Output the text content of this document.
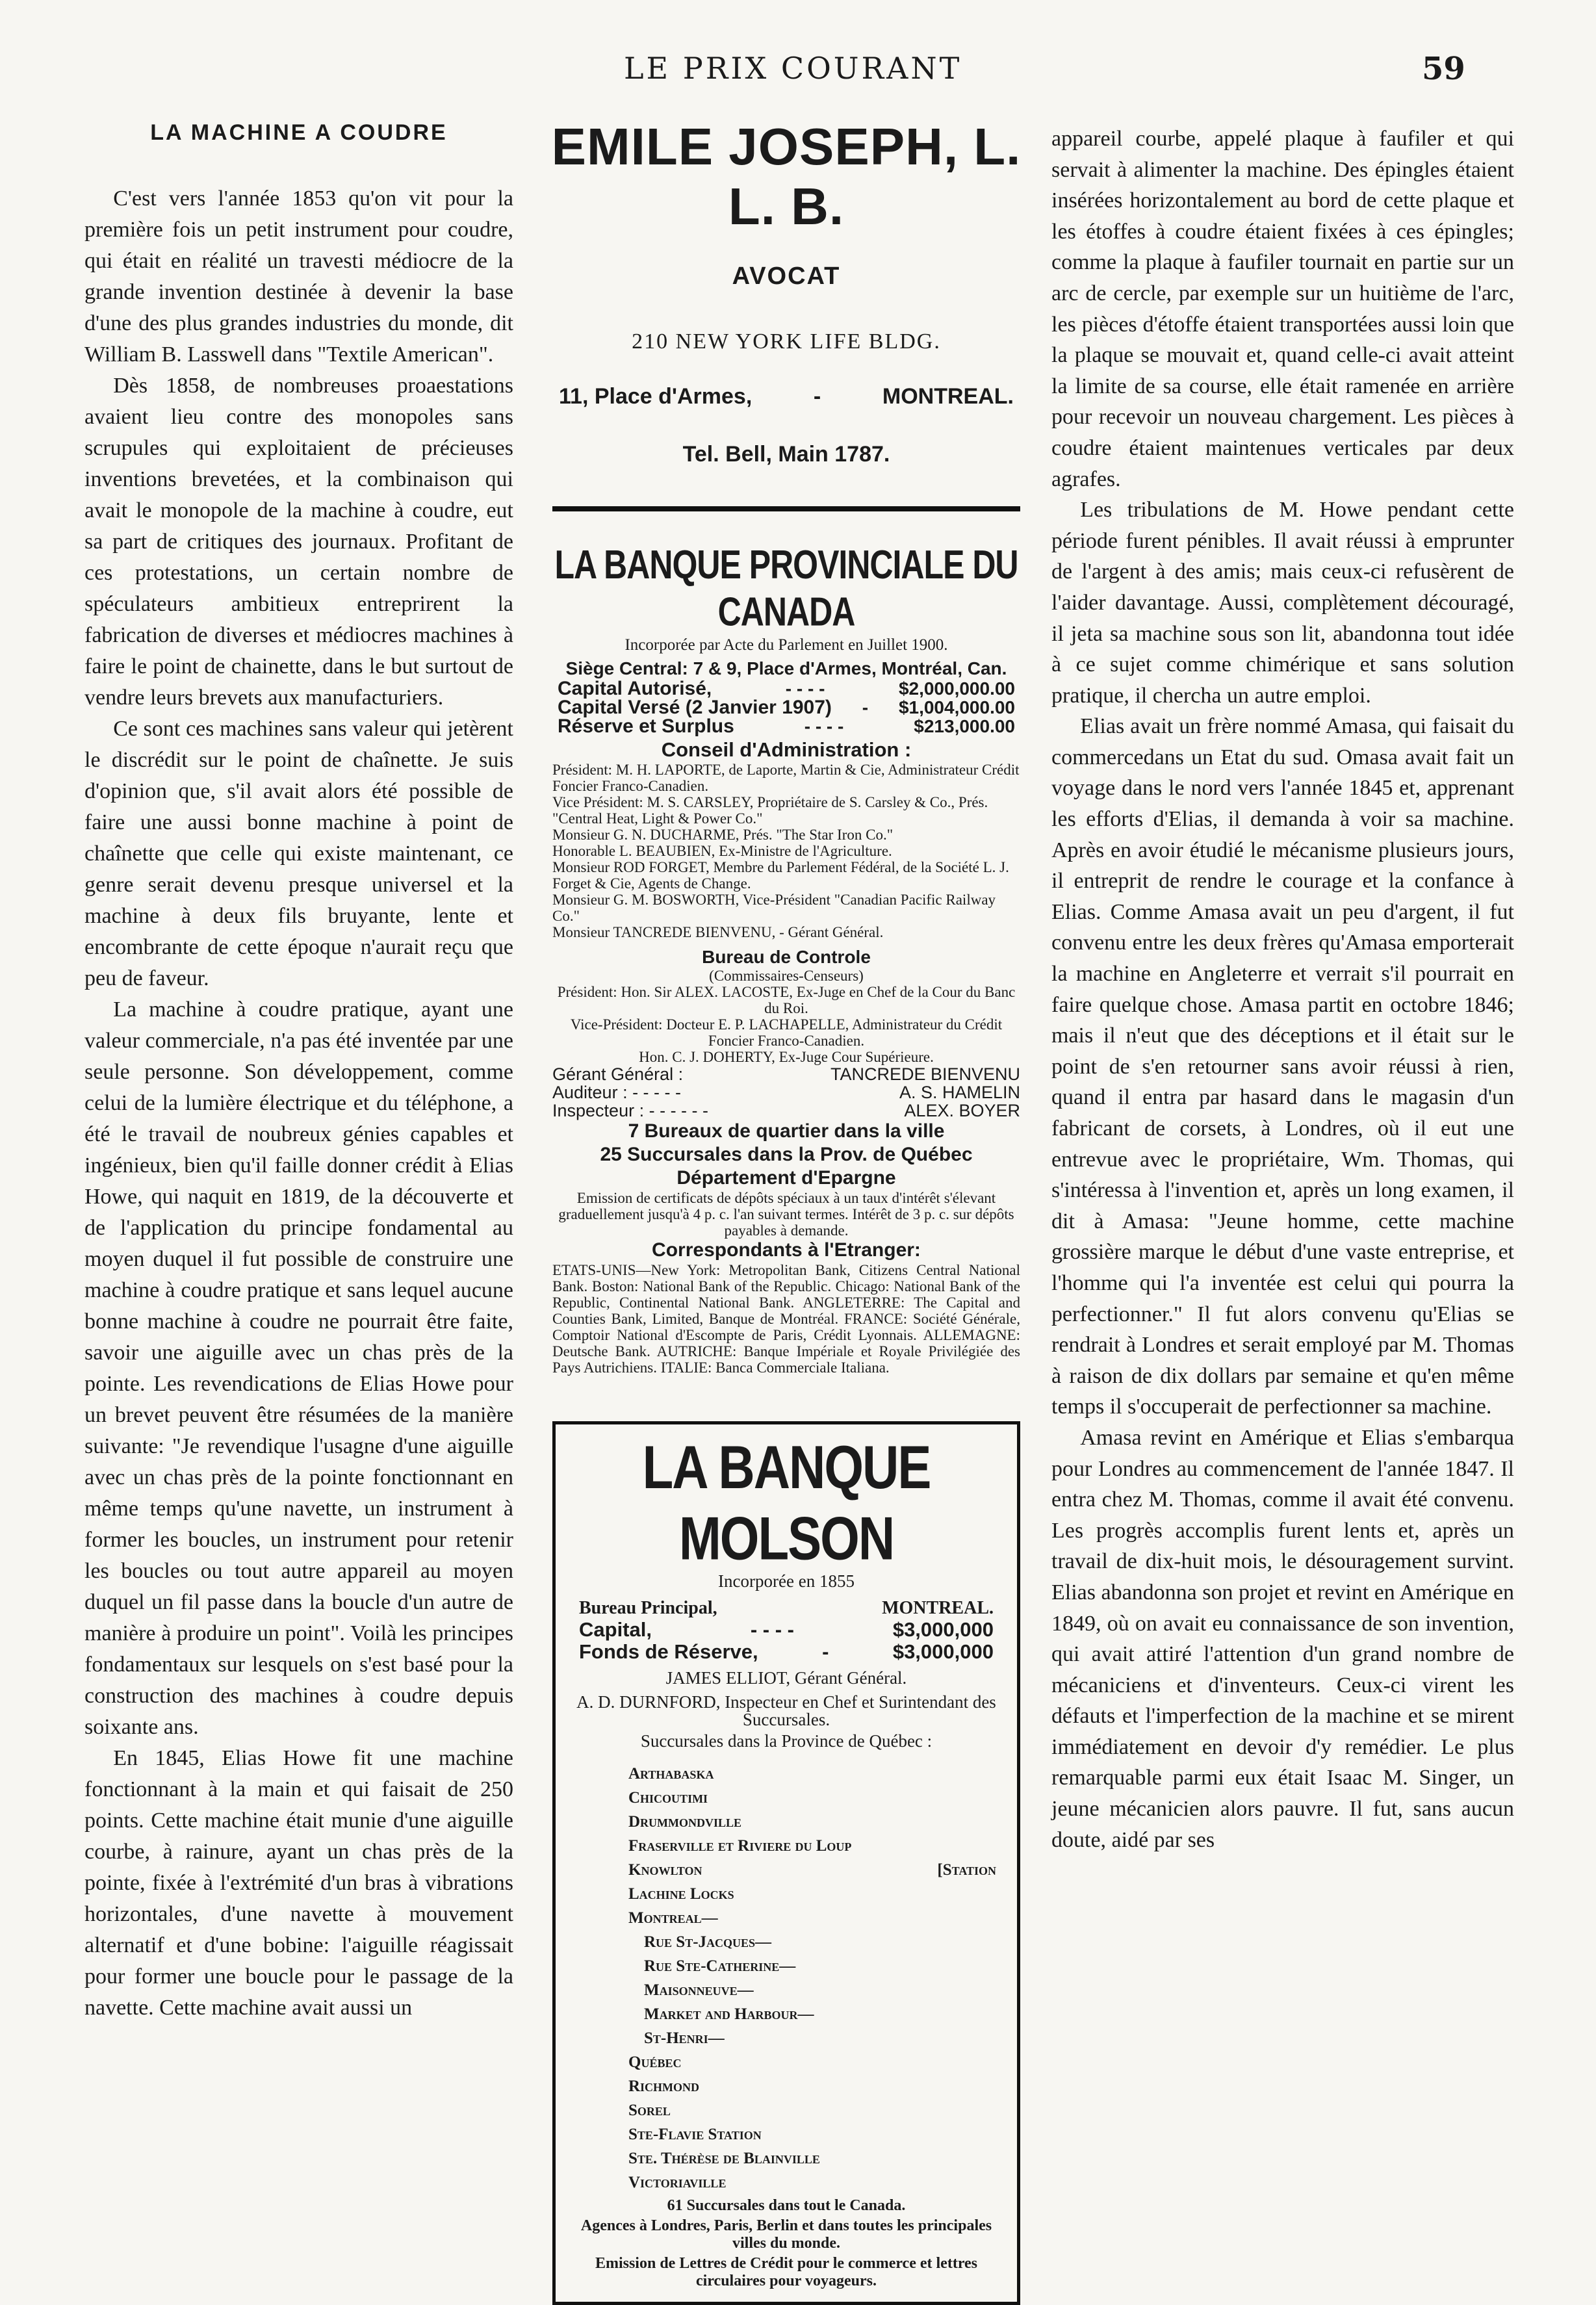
LE PRIX COURANT	59
LA MACHINE A COUDRE

C'est vers l'année 1853 qu'on vit pour la première fois un petit instrument pour coudre, qui était en réalité un travesti médiocre de la grande invention destinée à devenir la base d'une des plus grandes industries du monde, dit William B. Lasswell dans "Textile American".

Dès 1858, de nombreuses proaestations avaient lieu contre des monopoles sans scrupules qui exploitaient de précieuses inventions brevetées, et la combinaison qui avait le monopole de la machine à coudre, eut sa part de critiques des journaux. Profitant de ces protestations, un certain nombre de spéculateurs ambitieux entreprirent la fabrication de diverses et médiocres machines à faire le point de chainette, dans le but surtout de vendre leurs brevets aux manufacturiers.

Ce sont ces machines sans valeur qui jetèrent le discrédit sur le point de chaînette. Je suis d'opinion que, s'il avait alors été possible de faire une aussi bonne machine à point de chaînette que celle qui existe maintenant, ce genre serait devenu presque universel et la machine à deux fils bruyante, lente et encombrante de cette époque n'aurait reçu que peu de faveur.

La machine à coudre pratique, ayant une valeur commerciale, n'a pas été inventée par une seule personne. Son développement, comme celui de la lumière électrique et du téléphone, a été le travail de noubreux génies capables et ingénieux, bien qu'il faille donner crédit à Elias Howe, qui naquit en 1819, de la découverte et de l'application du principe fondamental au moyen duquel il fut possible de construire une machine à coudre pratique et sans lequel aucune bonne machine à coudre ne pourrait être faite, savoir une aiguille avec un chas près de la pointe. Les revendications de Elias Howe pour un brevet peuvent être résumées de la manière suivante: "Je revendique l'usagne d'une aiguille avec un chas près de la pointe fonctionnant en même temps qu'une navette, un instrument à former les boucles, un instrument pour retenir les boucles ou tout autre appareil au moyen duquel un fil passe dans la boucle d'un autre de manière à produire un point". Voilà les principes fondamentaux sur lesquels on s'est basé pour la construction des machines à coudre depuis soixante ans.

En 1845, Elias Howe fit une machine fonctionnant à la main et qui faisait de 250 points. Cette machine était munie d'une aiguille courbe, à rainure, ayant un chas près de la pointe, fixée à l'extrémité d'un bras à vibrations horizontales, d'une navette à mouvement alternatif et d'une bobine: l'aiguille réagissait pour former une boucle pour le passage de la navette. Cette machine avait aussi un

EMILE JOSEPH, L. L. B.
AVOCAT
210 NEW YORK LIFE BLDG.
11, Place d'Armes,	-	MONTREAL.
Tel. Bell, Main 1787.
LA BANQUE PROVINCIALE DU CANADA
Incorporée par Acte du Parlement en Juillet 1900.
Siège Central: 7 & 9, Place d'Armes, Montréal, Can.
Capital Autorisé,	- - - -	$2,000,000.00
Capital Versé (2 Janvier 1907) - $1,004,000.00
Réserve et Surplus	- - - -	$213,000.00
Conseil d'Administration :
Président: M. H. LAPORTE, de Laporte, Martin & Cie, Administrateur Crédit Foncier Franco-Canadien.
Vice Président: M. S. CARSLEY, Propriétaire de S. Carsley & Co., Prés. "Central Heat, Light & Power Co."
Monsieur G. N. DUCHARME, Prés. "The Star Iron Co."
Honorable L. BEAUBIEN, Ex-Ministre de l'Agriculture.
Monsieur ROD FORGET, Membre du Parlement Fédéral, de la Société L. J. Forget & Cie, Agents de Change.
Monsieur G. M. BOSWORTH, Vice-Président "Canadian Pacific Railway Co."
Monsieur TANCREDE BIENVENU, - Gérant Général.
Bureau de Controle
(Commissaires-Censeurs)
Président: Hon. Sir ALEX. LACOSTE, Ex-Juge en Chef de la Cour du Banc du Roi.
Vice-Président: Docteur E. P. LACHAPELLE, Administrateur du Crédit Foncier Franco-Canadien.
Hon. C. J. DOHERTY, Ex-Juge Cour Supérieure.
Gérant Général :	TANCREDE BIENVENU
Auditeur : - - - - -	A. S. HAMELIN
Inspecteur : - - - - - -	ALEX. BOYER
7 Bureaux de quartier dans la ville
25 Succursales dans la Prov. de Québec
Département d'Epargne
Emission de certificats de dépôts spéciaux à un taux d'intérêt s'élevant graduellement jusqu'à 4 p. c. l'an suivant termes. Intérêt de 3 p. c. sur dépôts payables à demande.
Correspondants à l'Etranger:
ETATS-UNIS—New York: Metropolitan Bank, Citizens Central National Bank. Boston: National Bank of the Republic. Chicago: National Bank of the Republic, Continental National Bank. ANGLETERRE: The Capital and Counties Bank, Limited, Banque de Montréal. FRANCE: Société Générale, Comptoir National d'Escompte de Paris, Crédit Lyonnais. ALLEMAGNE: Deutsche Bank. AUTRICHE: Banque Impériale et Royale Privilégiée des Pays Autrichiens. ITALIE: Banca Commerciale Italiana.
LA BANQUE MOLSON
Incorporée en 1855
Bureau Principal,	MONTREAL.
Capital,	- - - -	$3,000,000
Fonds de Réserve,	-	$3,000,000
JAMES ELLIOT, Gérant Général.
A. D. DURNFORD, Inspecteur en Chef et Surintendant des Succursales.
Succursales dans la Province de Québec :
Arthabaska
Chicoutimi
Drummondville
Fraserville et Riviere du Loup
Knowlton	[Station
Lachine Locks
Montreal—
Rue St-Jacques—
Rue Ste-Catherine—
Maisonneuve—
Market and Harbour—
St-Henri—
Québec
Richmond
Sorel
Ste-Flavie Station
Ste. Thérèse de Blainville
Victoriaville
61 Succursales dans tout le Canada.
Agences à Londres, Paris, Berlin et dans toutes les principales villes du monde.
Emission de Lettres de Crédit pour le commerce et lettres circulaires pour voyageurs.

appareil courbe, appelé plaque à faufiler et qui servait à alimenter la machine. Des épingles étaient insérées horizontalement au bord de cette plaque et les étoffes à coudre étaient fixées à ces épingles; comme la plaque à faufiler tournait en partie sur un arc de cercle, par exemple sur un huitième de l'arc, les pièces d'étoffe étaient transportées aussi loin que la plaque se mouvait et, quand celle-ci avait atteint la limite de sa course, elle était ramenée en arrière pour recevoir un nouveau chargement. Les pièces à coudre étaient maintenues verticales par deux agrafes.

Les tribulations de M. Howe pendant cette période furent pénibles. Il avait réussi à emprunter de l'argent à des amis; mais ceux-ci refusèrent de l'aider davantage. Aussi, complètement découragé, il jeta sa machine sous son lit, abandonna tout idée à ce sujet comme chimérique et sans solution pratique, il chercha un autre emploi.

Elias avait un frère nommé Amasa, qui faisait du commercedans un Etat du sud. Omasa avait fait un voyage dans le nord vers l'année 1845 et, apprenant les efforts d'Elias, il demanda à voir sa machine. Après en avoir étudié le mécanisme plusieurs jours, il entreprit de rendre le courage et la confance à Elias. Comme Amasa avait un peu d'argent, il fut convenu entre les deux frères qu'Amasa emporterait la machine en Angleterre et verrait s'il pourrait en faire quelque chose. Amasa partit en octobre 1846; mais il n'eut que des déceptions et il était sur le point de s'en retourner sans avoir réussi à rien, quand il entra par hasard dans le magasin d'un fabricant de corsets, à Londres, où il eut une entrevue avec le propriétaire, Wm. Thomas, qui s'intéressa à l'invention et, après un long examen, il dit à Amasa: "Jeune homme, cette machine grossière marque le début d'une vaste entreprise, et l'homme qui l'a inventée est celui qui pourra la perfectionner." Il fut alors convenu qu'Elias se rendrait à Londres et serait employé par M. Thomas à raison de dix dollars par semaine et qu'en même temps il s'occuperait de perfectionner sa machine.

Amasa revint en Amérique et Elias s'embarqua pour Londres au commencement de l'année 1847. Il entra chez M. Thomas, comme il avait été convenu. Les progrès accomplis furent lents et, après un travail de dix-huit mois, le désouragement survint. Elias abandonna son projet et revint en Amérique en 1849, où on avait eu connaissance de son invention, qui avait attiré l'attention d'un grand nombre de mécaniciens et d'inventeurs. Ceux-ci virent les défauts et l'imperfection de la machine et se mirent immédiatement en devoir d'y remédier. Le plus remarquable parmi eux était Isaac M. Singer, un jeune mécanicien alors pauvre. Il fut, sans aucun doute, aidé par ses
